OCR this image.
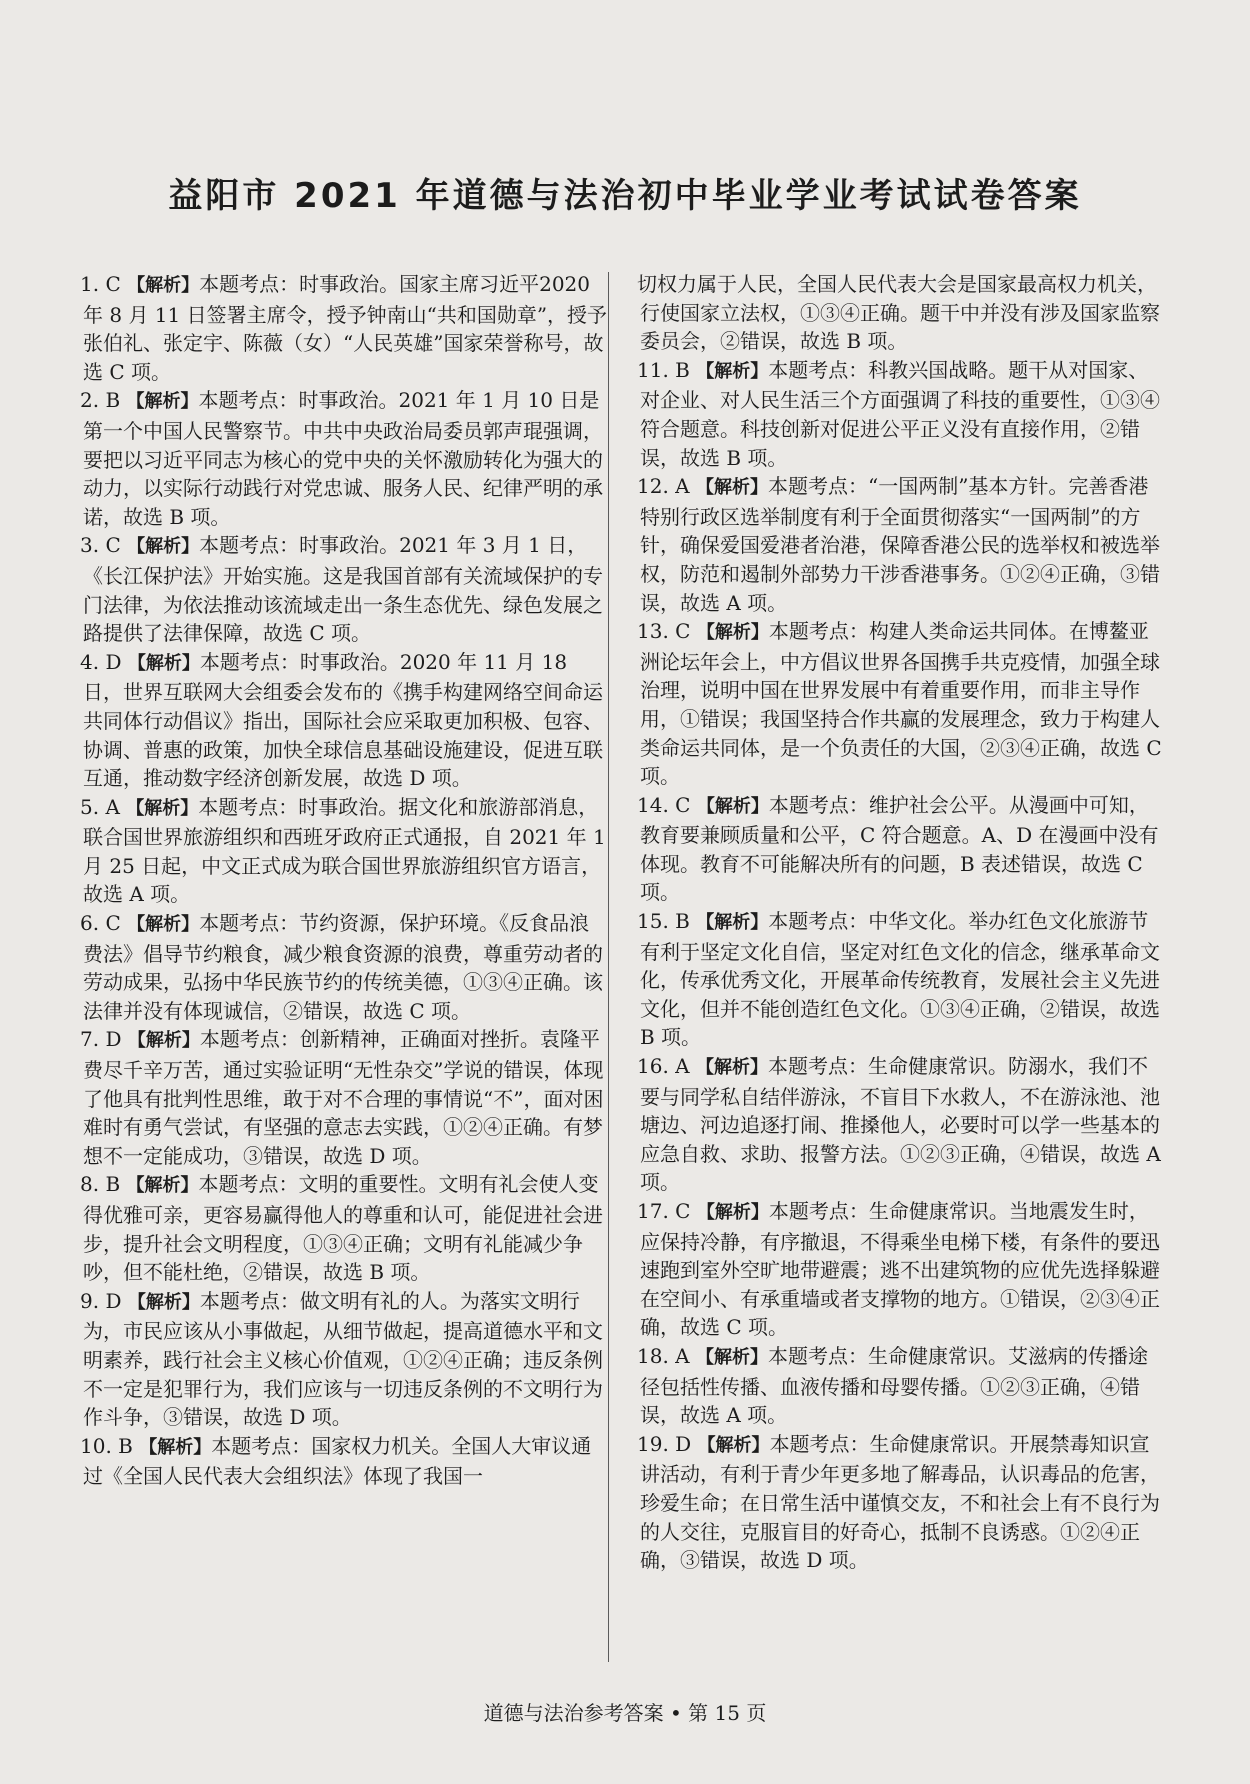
益阳市 2021 年道德与法治初中毕业学业考试试卷答案

1. C 【解析】本题考点：时事政治。国家主席习近平2020 年 8 月 11 日签署主席令，授予钟南山“共和国勋章”，授予张伯礼、张定宇、陈薇（女）“人民英雄”国家荣誉称号，故选 C 项。

2. B 【解析】本题考点：时事政治。2021 年 1 月 10 日是第一个中国人民警察节。中共中央政治局委员郭声琨强调，要把以习近平同志为核心的党中央的关怀激励转化为强大的动力，以实际行动践行对党忠诚、服务人民、纪律严明的承诺，故选 B 项。

3. C 【解析】本题考点：时事政治。2021 年 3 月 1 日，《长江保护法》开始实施。这是我国首部有关流域保护的专门法律，为依法推动该流域走出一条生态优先、绿色发展之路提供了法律保障，故选 C 项。

4. D 【解析】本题考点：时事政治。2020 年 11 月 18 日，世界互联网大会组委会发布的《携手构建网络空间命运共同体行动倡议》指出，国际社会应采取更加积极、包容、协调、普惠的政策，加快全球信息基础设施建设，促进互联互通，推动数字经济创新发展，故选 D 项。

5. A 【解析】本题考点：时事政治。据文化和旅游部消息，联合国世界旅游组织和西班牙政府正式通报，自 2021 年 1 月 25 日起，中文正式成为联合国世界旅游组织官方语言，故选 A 项。

6. C 【解析】本题考点：节约资源，保护环境。《反食品浪费法》倡导节约粮食，减少粮食资源的浪费，尊重劳动者的劳动成果，弘扬中华民族节约的传统美德，①③④正确。该法律并没有体现诚信，②错误，故选 C 项。

7. D 【解析】本题考点：创新精神，正确面对挫折。袁隆平费尽千辛万苦，通过实验证明“无性杂交”学说的错误，体现了他具有批判性思维，敢于对不合理的事情说“不”，面对困难时有勇气尝试，有坚强的意志去实践，①②④正确。有梦想不一定能成功，③错误，故选 D 项。

8. B 【解析】本题考点：文明的重要性。文明有礼会使人变得优雅可亲，更容易赢得他人的尊重和认可，能促进社会进步，提升社会文明程度，①③④正确；文明有礼能减少争吵，但不能杜绝，②错误，故选 B 项。

9. D 【解析】本题考点：做文明有礼的人。为落实文明行为，市民应该从小事做起，从细节做起，提高道德水平和文明素养，践行社会主义核心价值观，①②④正确；违反条例不一定是犯罪行为，我们应该与一切违反条例的不文明行为作斗争，③错误，故选 D 项。

10. B 【解析】本题考点：国家权力机关。全国人大审议通过《全国人民代表大会组织法》体现了我国一

切权力属于人民，全国人民代表大会是国家最高权力机关，行使国家立法权，①③④正确。题干中并没有涉及国家监察委员会，②错误，故选 B 项。

11. B 【解析】本题考点：科教兴国战略。题干从对国家、对企业、对人民生活三个方面强调了科技的重要性，①③④符合题意。科技创新对促进公平正义没有直接作用，②错误，故选 B 项。

12. A 【解析】本题考点：“一国两制”基本方针。完善香港特别行政区选举制度有利于全面贯彻落实“一国两制”的方针，确保爱国爱港者治港，保障香港公民的选举权和被选举权，防范和遏制外部势力干涉香港事务。①②④正确，③错误，故选 A 项。

13. C 【解析】本题考点：构建人类命运共同体。在博鳌亚洲论坛年会上，中方倡议世界各国携手共克疫情，加强全球治理，说明中国在世界发展中有着重要作用，而非主导作用，①错误；我国坚持合作共赢的发展理念，致力于构建人类命运共同体，是一个负责任的大国，②③④正确，故选 C 项。

14. C 【解析】本题考点：维护社会公平。从漫画中可知，教育要兼顾质量和公平，C 符合题意。A、D 在漫画中没有体现。教育不可能解决所有的问题，B 表述错误，故选 C 项。

15. B 【解析】本题考点：中华文化。举办红色文化旅游节有利于坚定文化自信，坚定对红色文化的信念，继承革命文化，传承优秀文化，开展革命传统教育，发展社会主义先进文化，但并不能创造红色文化。①③④正确，②错误，故选 B 项。

16. A 【解析】本题考点：生命健康常识。防溺水，我们不要与同学私自结伴游泳，不盲目下水救人，不在游泳池、池塘边、河边追逐打闹、推搡他人，必要时可以学一些基本的应急自救、求助、报警方法。①②③正确，④错误，故选 A 项。

17. C 【解析】本题考点：生命健康常识。当地震发生时，应保持冷静，有序撤退，不得乘坐电梯下楼，有条件的要迅速跑到室外空旷地带避震；逃不出建筑物的应优先选择躲避在空间小、有承重墙或者支撑物的地方。①错误，②③④正确，故选 C 项。

18. A 【解析】本题考点：生命健康常识。艾滋病的传播途径包括性传播、血液传播和母婴传播。①②③正确，④错误，故选 A 项。

19. D 【解析】本题考点：生命健康常识。开展禁毒知识宣讲活动，有利于青少年更多地了解毒品，认识毒品的危害，珍爱生命；在日常生活中谨慎交友，不和社会上有不良行为的人交往，克服盲目的好奇心，抵制不良诱惑。①②④正确，③错误，故选 D 项。

道德与法治参考答案 • 第 15 页
